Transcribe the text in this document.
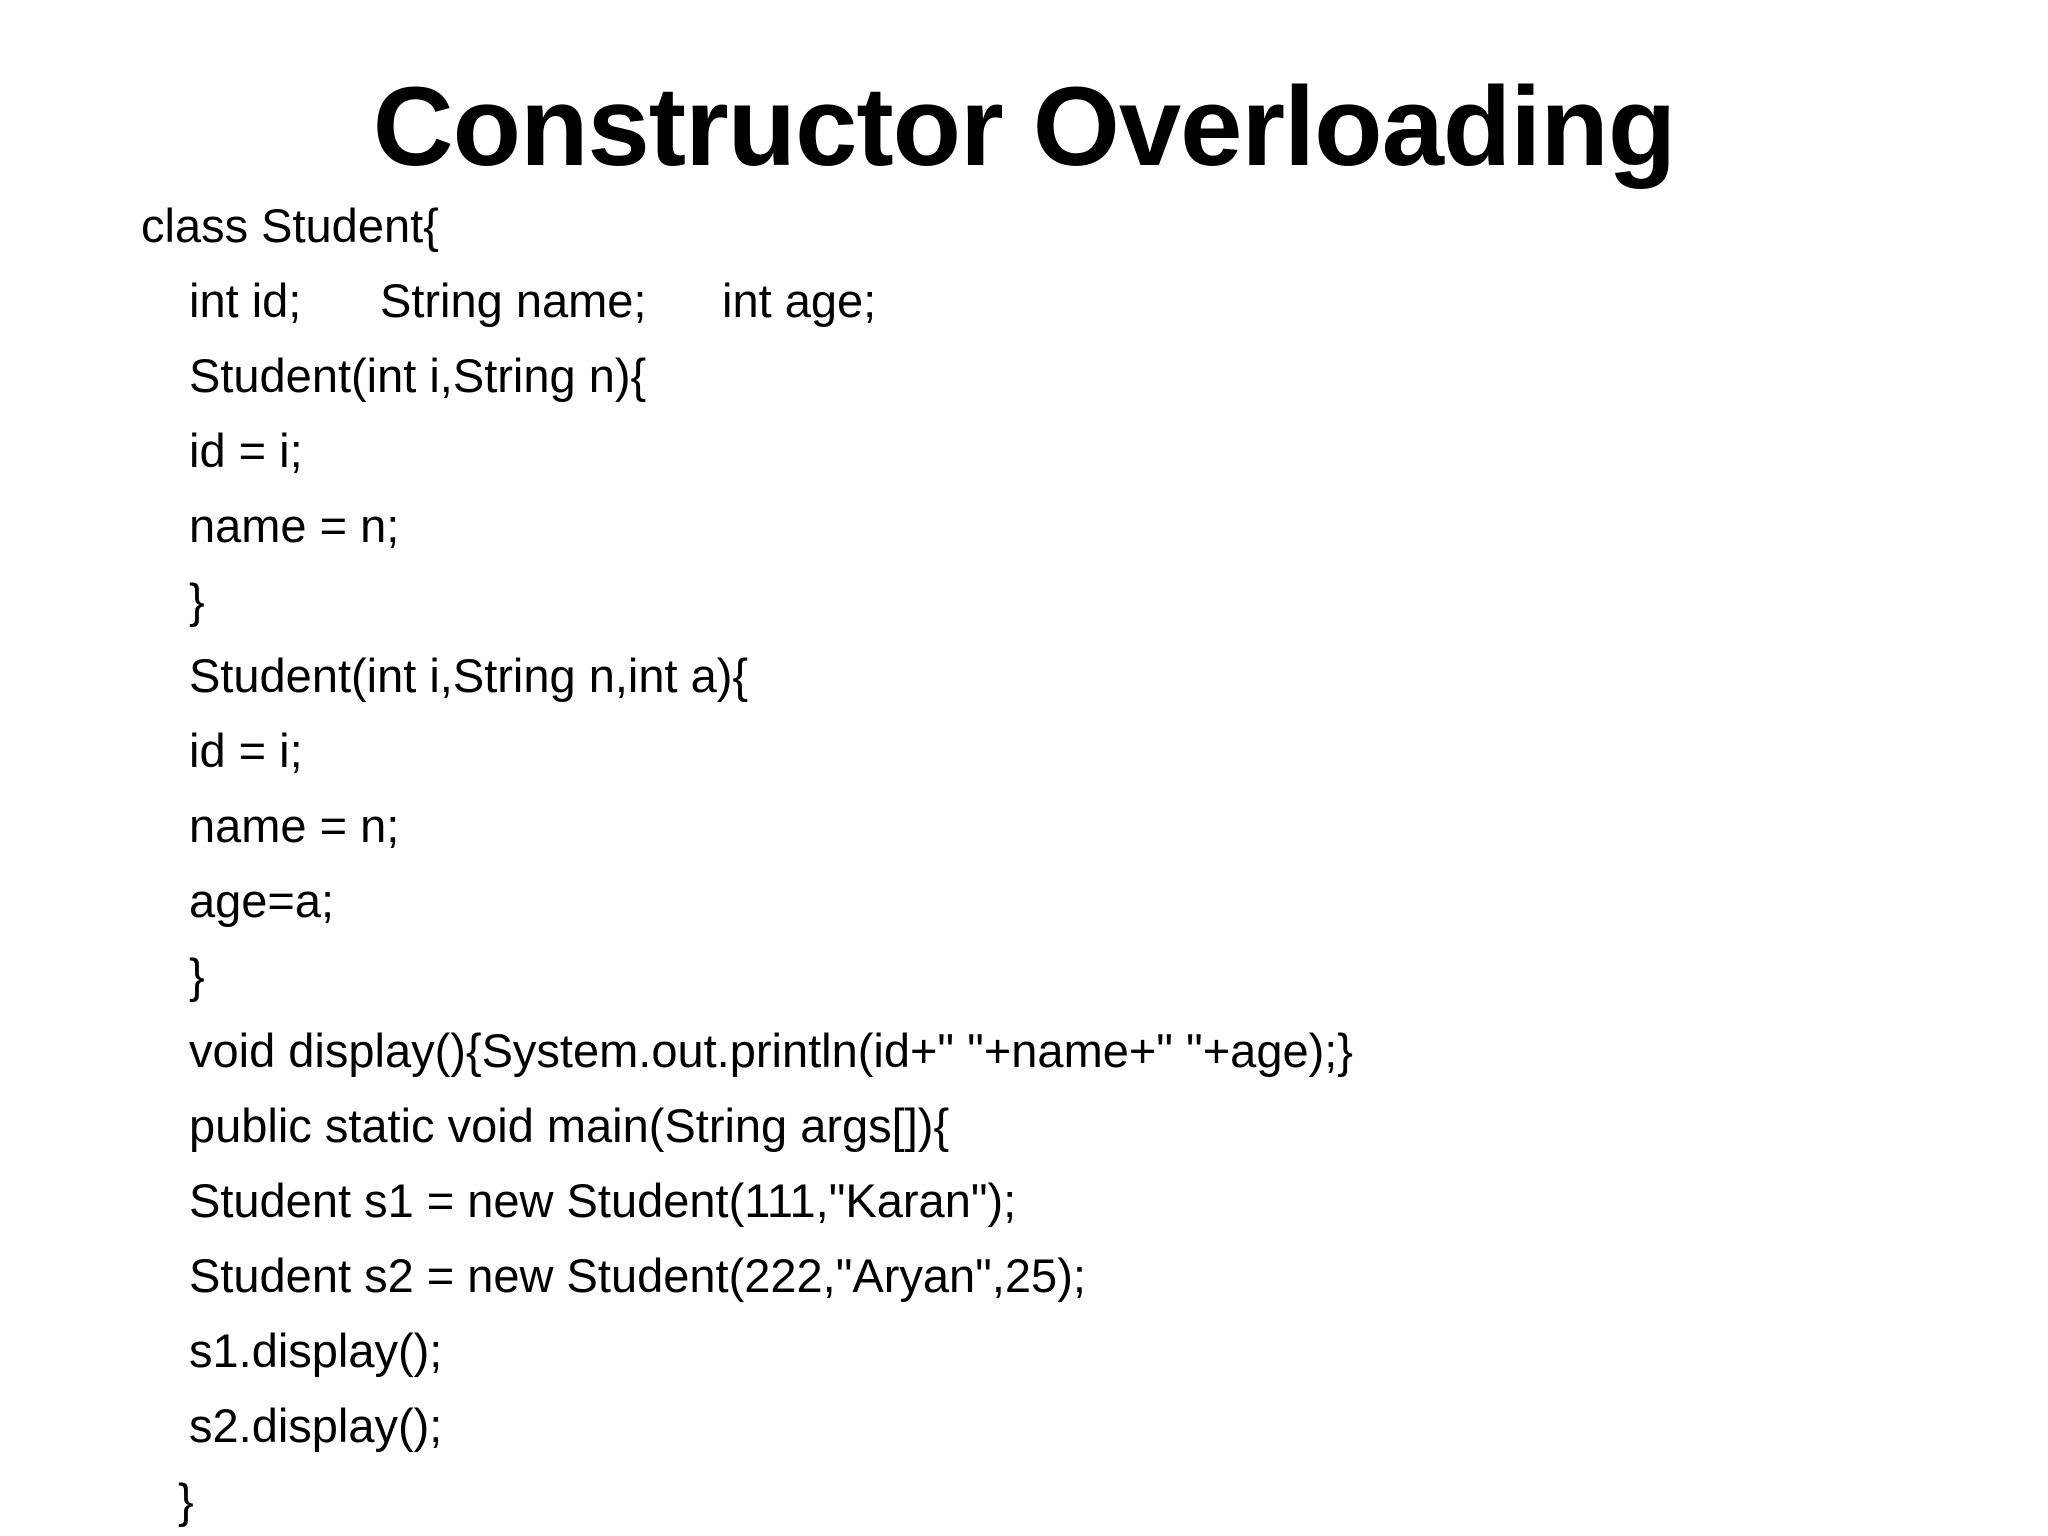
Constructor Overloading
class Student{
int id; String name; int age;
Student(int i,String n){
id = i;
name = n;
}
Student(int i,String n,int a){
id = i;
name = n;
age=a;
}
void display(){System.out.println(id+" "+name+" "+age);}
public static void main(String args[]){
Student s1 = new Student(111,"Karan");
Student s2 = new Student(222,"Aryan",25);
s1.display();
s2.display();
}
